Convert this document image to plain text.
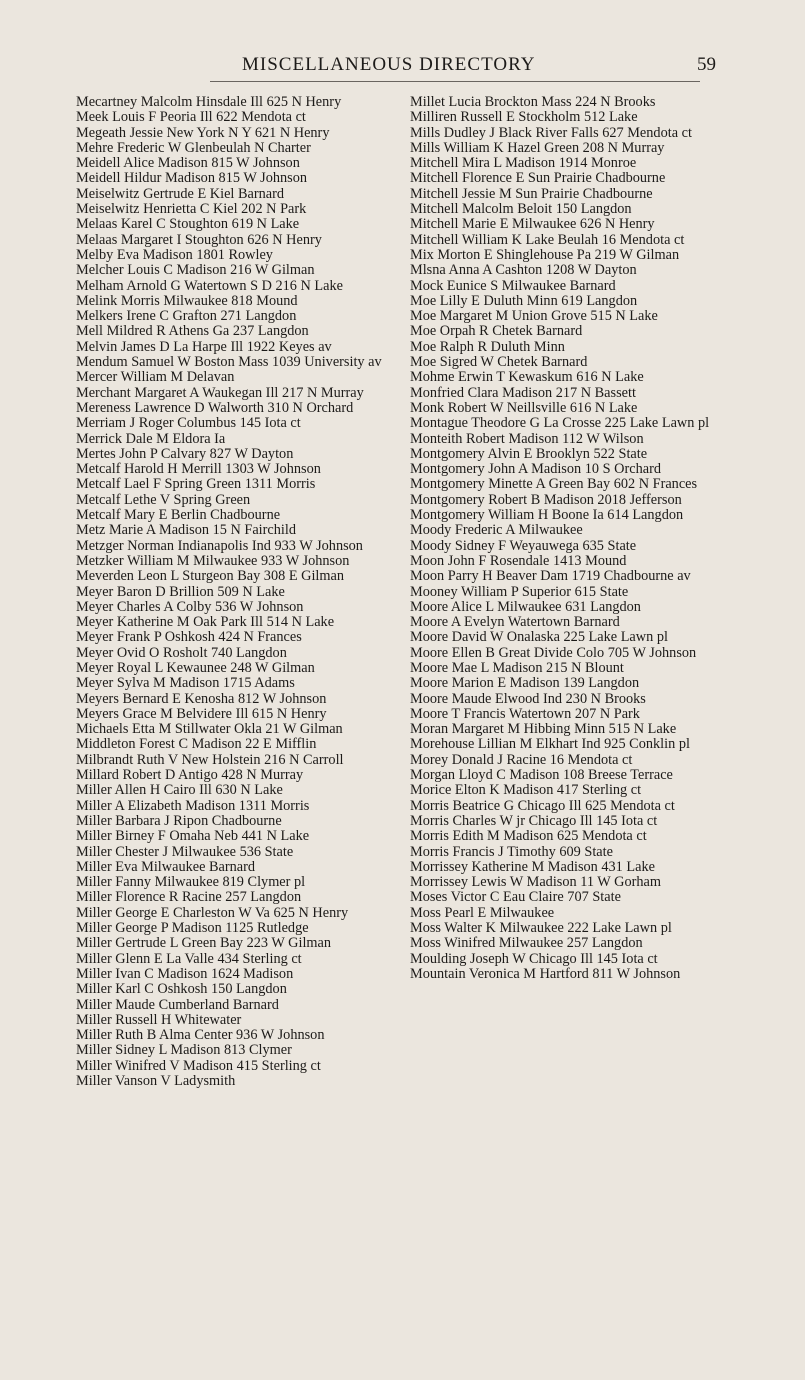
MISCELLANEOUS DIRECTORY	59

Mecartney Malcolm Hinsdale Ill 625 N Henry

Meek Louis F Peoria Ill 622 Mendota ct

Megeath Jessie New York N Y 621 N Henry

Mehre Frederic W Glenbeulah N Charter

Meidell Alice Madison 815 W Johnson

Meidell Hildur Madison 815 W Johnson

Meiselwitz Gertrude E Kiel Barnard

Meiselwitz Henrietta C Kiel 202 N Park

Melaas Karel C Stoughton 619 N Lake

Melaas Margaret I Stoughton 626 N Henry

Melby Eva Madison 1801 Rowley

Melcher Louis C Madison 216 W Gilman

Melham Arnold G Watertown S D 216 N Lake

Melink Morris Milwaukee 818 Mound

Melkers Irene C Grafton 271 Langdon

Mell Mildred R Athens Ga 237 Langdon

Melvin James D La Harpe Ill 1922 Keyes av

Mendum Samuel W Boston Mass 1039 University av

Mercer William M Delavan

Merchant Margaret A Waukegan Ill 217 N Murray

Mereness Lawrence D Walworth 310 N Orchard

Merriam J Roger Columbus 145 Iota ct

Merrick Dale M Eldora Ia

Mertes John P Calvary 827 W Dayton

Metcalf Harold H Merrill 1303 W Johnson

Metcalf Lael F Spring Green 1311 Morris

Metcalf Lethe V Spring Green

Metcalf Mary E Berlin Chadbourne

Metz Marie A Madison 15 N Fairchild

Metzger Norman Indianapolis Ind 933 W Johnson

Metzker William M Milwaukee 933 W Johnson

Meverden Leon L Sturgeon Bay 308 E Gilman

Meyer Baron D Brillion 509 N Lake

Meyer Charles A Colby 536 W Johnson

Meyer Katherine M Oak Park Ill 514 N Lake

Meyer Frank P Oshkosh 424 N Frances

Meyer Ovid O Rosholt 740 Langdon

Meyer Royal L Kewaunee 248 W Gilman

Meyer Sylva M Madison 1715 Adams

Meyers Bernard E Kenosha 812 W Johnson

Meyers Grace M Belvidere Ill 615 N Henry

Michaels Etta M Stillwater Okla 21 W Gilman

Middleton Forest C Madison 22 E Mifflin

Milbrandt Ruth V New Holstein 216 N Carroll

Millard Robert D Antigo 428 N Murray

Miller Allen H Cairo Ill 630 N Lake

Miller A Elizabeth Madison 1311 Morris

Miller Barbara J Ripon Chadbourne

Miller Birney F Omaha Neb 441 N Lake

Miller Chester J Milwaukee 536 State

Miller Eva Milwaukee Barnard

Miller Fanny Milwaukee 819 Clymer pl

Miller Florence R Racine 257 Langdon

Miller George E Charleston W Va 625 N Henry

Miller George P Madison 1125 Rutledge

Miller Gertrude L Green Bay 223 W Gilman

Miller Glenn E La Valle 434 Sterling ct

Miller Ivan C Madison 1624 Madison

Miller Karl C Oshkosh 150 Langdon

Miller Maude Cumberland Barnard

Miller Russell H Whitewater

Miller Ruth B Alma Center 936 W Johnson

Miller Sidney L Madison 813 Clymer

Miller Winifred V Madison 415 Sterling ct

Miller Vanson V Ladysmith

Millet Lucia Brockton Mass 224 N Brooks

Milliren Russell E Stockholm 512 Lake

Mills Dudley J Black River Falls 627 Mendota ct

Mills William K Hazel Green 208 N Murray

Mitchell Mira L Madison 1914 Monroe

Mitchell Florence E Sun Prairie Chadbourne

Mitchell Jessie M Sun Prairie Chadbourne

Mitchell Malcolm Beloit 150 Langdon

Mitchell Marie E Milwaukee 626 N Henry

Mitchell William K Lake Beulah 16 Mendota ct

Mix Morton E Shinglehouse Pa 219 W Gilman

Mlsna Anna A Cashton 1208 W Dayton

Mock Eunice S Milwaukee Barnard

Moe Lilly E Duluth Minn 619 Langdon

Moe Margaret M Union Grove 515 N Lake

Moe Orpah R Chetek Barnard

Moe Ralph R Duluth Minn

Moe Sigred W Chetek Barnard

Mohme Erwin T Kewaskum 616 N Lake

Monfried Clara Madison 217 N Bassett

Monk Robert W Neillsville 616 N Lake

Montague Theodore G La Crosse 225 Lake Lawn pl

Monteith Robert Madison 112 W Wilson

Montgomery Alvin E Brooklyn 522 State

Montgomery John A Madison 10 S Orchard

Montgomery Minette A Green Bay 602 N Frances

Montgomery Robert B Madison 2018 Jefferson

Montgomery William H Boone Ia 614 Langdon

Moody Frederic A Milwaukee

Moody Sidney F Weyauwega 635 State

Moon John F Rosendale 1413 Mound

Moon Parry H Beaver Dam 1719 Chadbourne av

Mooney William P Superior 615 State

Moore Alice L Milwaukee 631 Langdon

Moore A Evelyn Watertown Barnard

Moore David W Onalaska 225 Lake Lawn pl

Moore Ellen B Great Divide Colo 705 W Johnson

Moore Mae L Madison 215 N Blount

Moore Marion E Madison 139 Langdon

Moore Maude Elwood Ind 230 N Brooks

Moore T Francis Watertown 207 N Park

Moran Margaret M Hibbing Minn 515 N Lake

Morehouse Lillian M Elkhart Ind 925 Conklin pl

Morey Donald J Racine 16 Mendota ct

Morgan Lloyd C Madison 108 Breese Terrace

Morice Elton K Madison 417 Sterling ct

Morris Beatrice G Chicago Ill 625 Mendota ct

Morris Charles W jr Chicago Ill 145 Iota ct

Morris Edith M Madison 625 Mendota ct

Morris Francis J Timothy 609 State

Morrissey Katherine M Madison 431 Lake

Morrissey Lewis W Madison 11 W Gorham

Moses Victor C Eau Claire 707 State

Moss Pearl E Milwaukee

Moss Walter K Milwaukee 222 Lake Lawn pl

Moss Winifred Milwaukee 257 Langdon

Moulding Joseph W Chicago Ill 145 Iota ct

Mountain Veronica M Hartford 811 W Johnson
